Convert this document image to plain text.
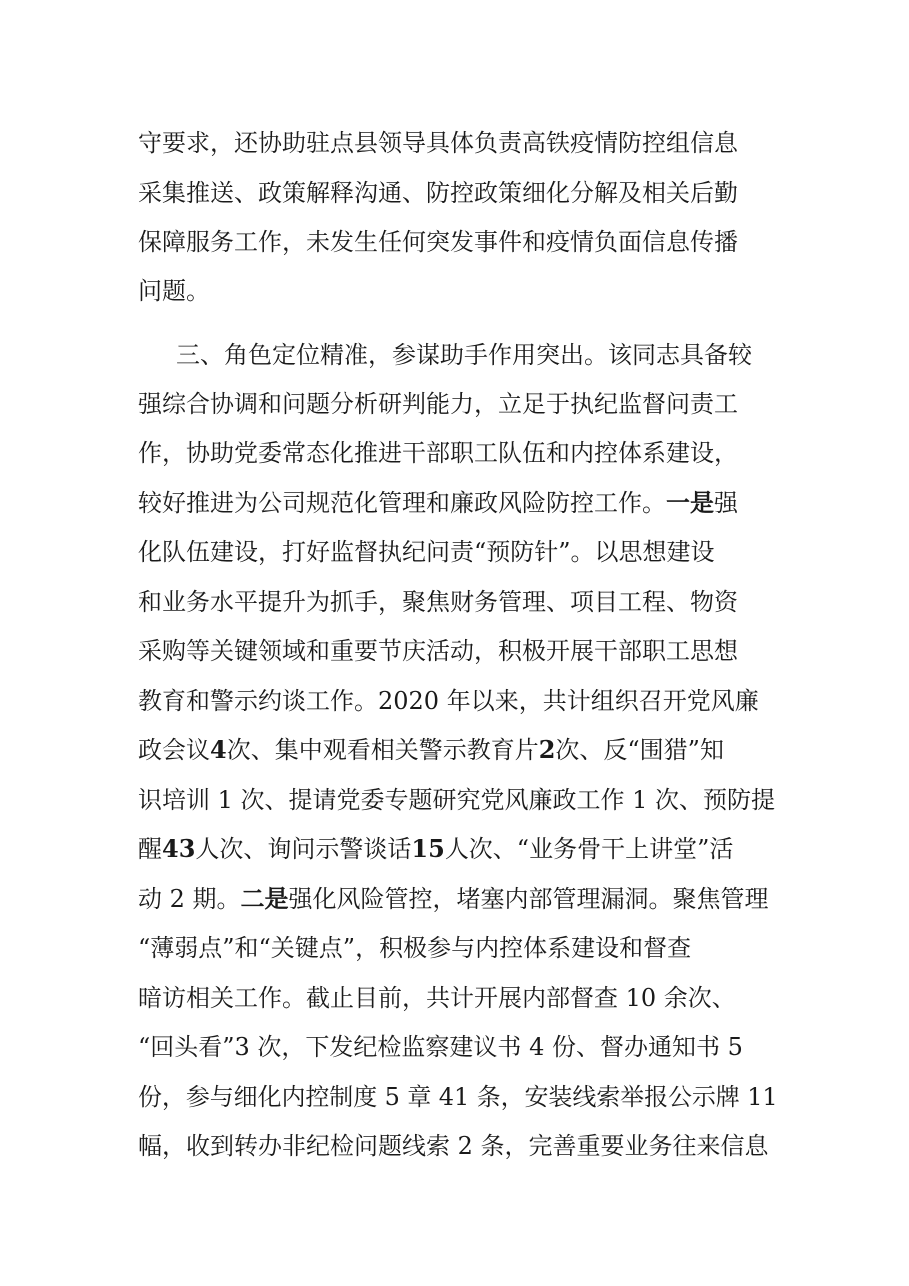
守要求，还协助驻点县领导具体负责高铁疫情防控组信息
采集推送、政策解释沟通、防控政策细化分解及相关后勤
保障服务工作，未发生任何突发事件和疫情负面信息传播
问题。
三、角色定位精准，参谋助手作用突出。该同志具备较
强综合协调和问题分析研判能力，立足于执纪监督问责工
作，协助党委常态化推进干部职工队伍和内控体系建设，
较好推进为公司规范化管理和廉政风险防控工作。一是强
化队伍建设，打好监督执纪问责“预防针”。以思想建设
和业务水平提升为抓手，聚焦财务管理、项目工程、物资
采购等关键领域和重要节庆活动，积极开展干部职工思想
教育和警示约谈工作。2020 年以来，共计组织召开党风廉
政会议4次、集中观看相关警示教育片2次、反“围猎”知
识培训 1 次、提请党委专题研究党风廉政工作 1 次、预防提
醒43人次、询问示警谈话15人次、“业务骨干上讲堂”活
动 2 期。二是强化风险管控，堵塞内部管理漏洞。聚焦管理
“薄弱点”和“关键点”，积极参与内控体系建设和督查
暗访相关工作。截止目前，共计开展内部督查 10 余次、
“回头看”3 次，下发纪检监察建议书 4 份、督办通知书 5
份，参与细化内控制度 5 章 41 条，安装线索举报公示牌 11
幅，收到转办非纪检问题线索 2 条，完善重要业务往来信息
